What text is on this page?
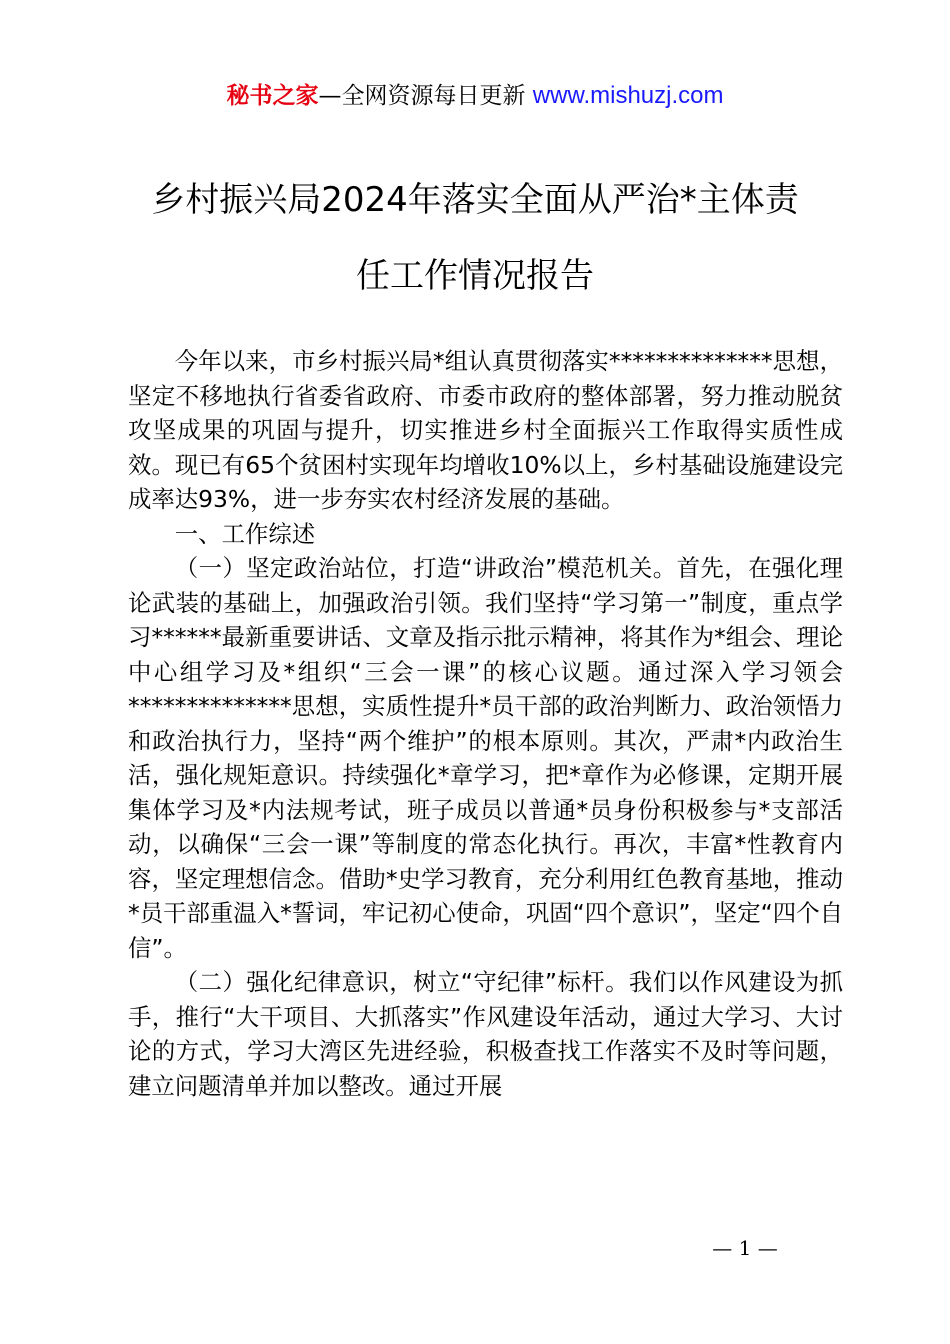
秘书之家—全网资源每日更新 www.mishuzj.com
乡村振兴局2024年落实全面从严治*主体责
任工作情况报告

今年以来，市乡村振兴局*组认真贯彻落实**************思想，坚定不移地执行省委省政府、市委市政府的整体部署，努力推动脱贫攻坚成果的巩固与提升，切实推进乡村全面振兴工作取得实质性成效。现已有65个贫困村实现年均增收10%以上，乡村基础设施建设完成率达93%，进一步夯实农村经济发展的基础。

一、工作综述

（一）坚定政治站位，打造“讲政治”模范机关。首先，在强化理论武装的基础上，加强政治引领。我们坚持“学习第一”制度，重点学习******最新重要讲话、文章及指示批示精神，将其作为*组会、理论中心组学习及*组织“三会一课”的核心议题。通过深入学习领会**************思想，实质性提升*员干部的政治判断力、政治领悟力和政治执行力，坚持“两个维护”的根本原则。其次，严肃*内政治生活，强化规矩意识。持续强化*章学习，把*章作为必修课，定期开展集体学习及*内法规考试，班子成员以普通*员身份积极参与*支部活动，以确保“三会一课”等制度的常态化执行。再次，丰富*性教育内容，坚定理想信念。借助*史学习教育，充分利用红色教育基地，推动*员干部重温入*誓词，牢记初心使命，巩固“四个意识”，坚定“四个自信”。

（二）强化纪律意识，树立“守纪律”标杆。我们以作风建设为抓手，推行“大干项目、大抓落实”作风建设年活动，通过大学习、大讨论的方式，学习大湾区先进经验，积极查找工作落实不及时等问题，建立问题清单并加以整改。通过开展

— 1 —
